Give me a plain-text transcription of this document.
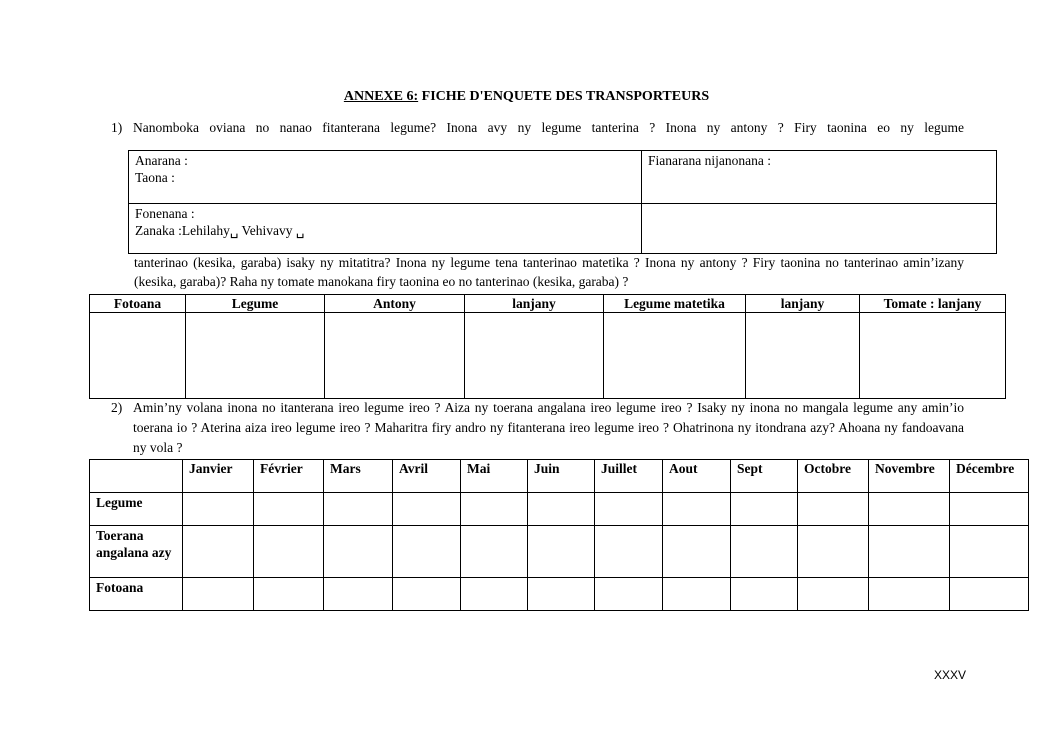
ANNEXE 6: FICHE D'ENQUETE DES TRANSPORTEURS
1) Nanomboka oviana no nanao fitanterana legume? Inona avy ny legume tanterina ? Inona ny antony ? Firy taonina eo ny legume
Anarana :
Taona :	Fianarana nijanonana :

Fonenana :
Zanaka :Lehilahy␣ Vehivavy ␣	

tanterinao (kesika, garaba) isaky ny mitatitra? Inona ny legume tena tanterinao matetika ? Inona ny antony ? Firy taonina no tanterinao amin’izany (kesika, garaba)? Raha ny tomate manokana firy taonina eo no tanterinao (kesika, garaba) ?
Fotoana	Legume	Antony	lanjany	Legume matetika	lanjany	Tomate : lanjany

2) Amin’ny volana inona no itanterana ireo legume ireo ? Aiza ny toerana angalana ireo legume ireo ? Isaky ny inona no mangala legume any amin’io toerana io ? Aterina aiza ireo legume ireo ? Maharitra firy andro ny fitanterana ireo legume ireo ? Ohatrinona ny itondrana azy? Ahoana ny fandoavana ny vola ?
	Janvier	Février	Mars	Avril	Mai	Juin	Juillet	Aout	Sept	Octobre	Novembre	Décembre
Legume												
Toerana angalana azy												
Fotoana												
XXXV
